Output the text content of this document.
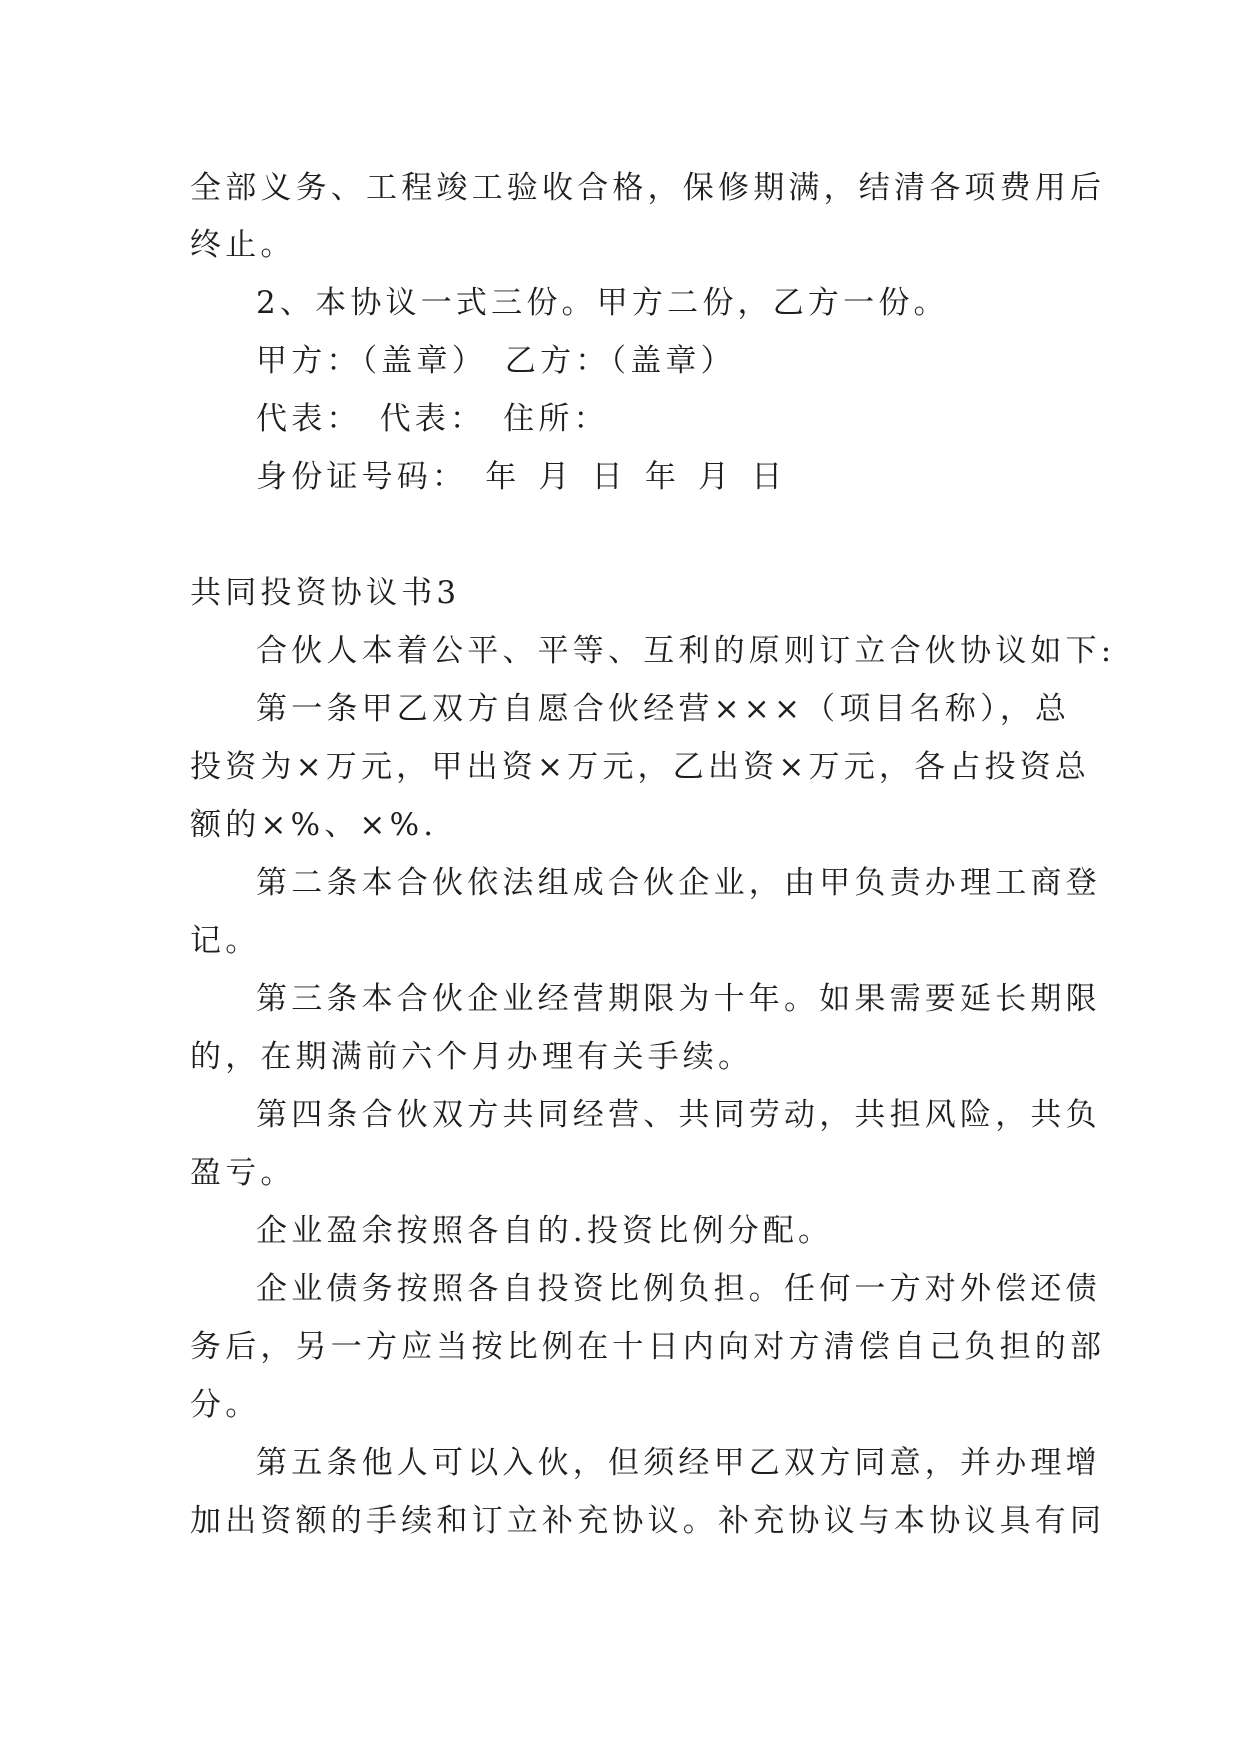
全部义务、工程竣工验收合格，保修期满，结清各项费用后

终止。

2、本协议一式三份。甲方二份，乙方一份。

甲方：（盖章） 乙方：（盖章）

代表： 代表： 住所：

身份证号码： 年 月 日 年 月 日

共同投资协议书3

合伙人本着公平、平等、互利的原则订立合伙协议如下:

第一条甲乙双方自愿合伙经营×××（项目名称），总

投资为×万元，甲出资×万元，乙出资×万元，各占投资总

额的×%、×%.

第二条本合伙依法组成合伙企业，由甲负责办理工商登

记。

第三条本合伙企业经营期限为十年。如果需要延长期限

的，在期满前六个月办理有关手续。

第四条合伙双方共同经营、共同劳动，共担风险，共负

盈亏。

企业盈余按照各自的.投资比例分配。

企业债务按照各自投资比例负担。任何一方对外偿还债

务后，另一方应当按比例在十日内向对方清偿自己负担的部

分。

第五条他人可以入伙，但须经甲乙双方同意，并办理增

加出资额的手续和订立补充协议。补充协议与本协议具有同
